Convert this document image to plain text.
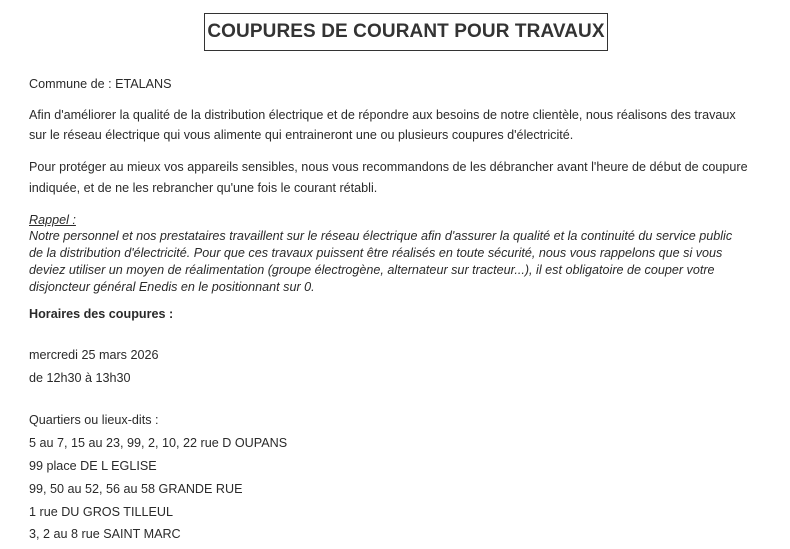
COUPURES DE COURANT POUR TRAVAUX
Commune de : ETALANS
Afin d'améliorer la qualité de la distribution électrique et de répondre aux besoins de notre clientèle, nous réalisons des travaux
sur le réseau électrique qui vous alimente qui entraineront une ou plusieurs coupures d'électricité.
Pour protéger au mieux vos appareils sensibles, nous vous recommandons de les débrancher avant l'heure de début de coupure
indiquée, et de ne les rebrancher qu'une fois le courant rétabli.
Rappel :
Notre personnel et nos prestataires travaillent sur le réseau électrique afin d'assurer la qualité et la continuité du service public
de la distribution d'électricité. Pour que ces travaux puissent être réalisés en toute sécurité, nous vous rappelons que si vous
deviez utiliser un moyen de réalimentation (groupe électrogène, alternateur sur tracteur...), il est obligatoire de couper votre
disjoncteur général Enedis en le positionnant sur 0.
Horaires des coupures :
mercredi 25 mars 2026
de 12h30 à 13h30
Quartiers ou lieux-dits :
5 au 7, 15 au 23, 99, 2, 10, 22 rue D OUPANS
99 place DE L EGLISE
99, 50 au 52, 56 au 58 GRANDE RUE
1 rue DU GROS TILLEUL
3, 2 au 8 rue SAINT MARC
